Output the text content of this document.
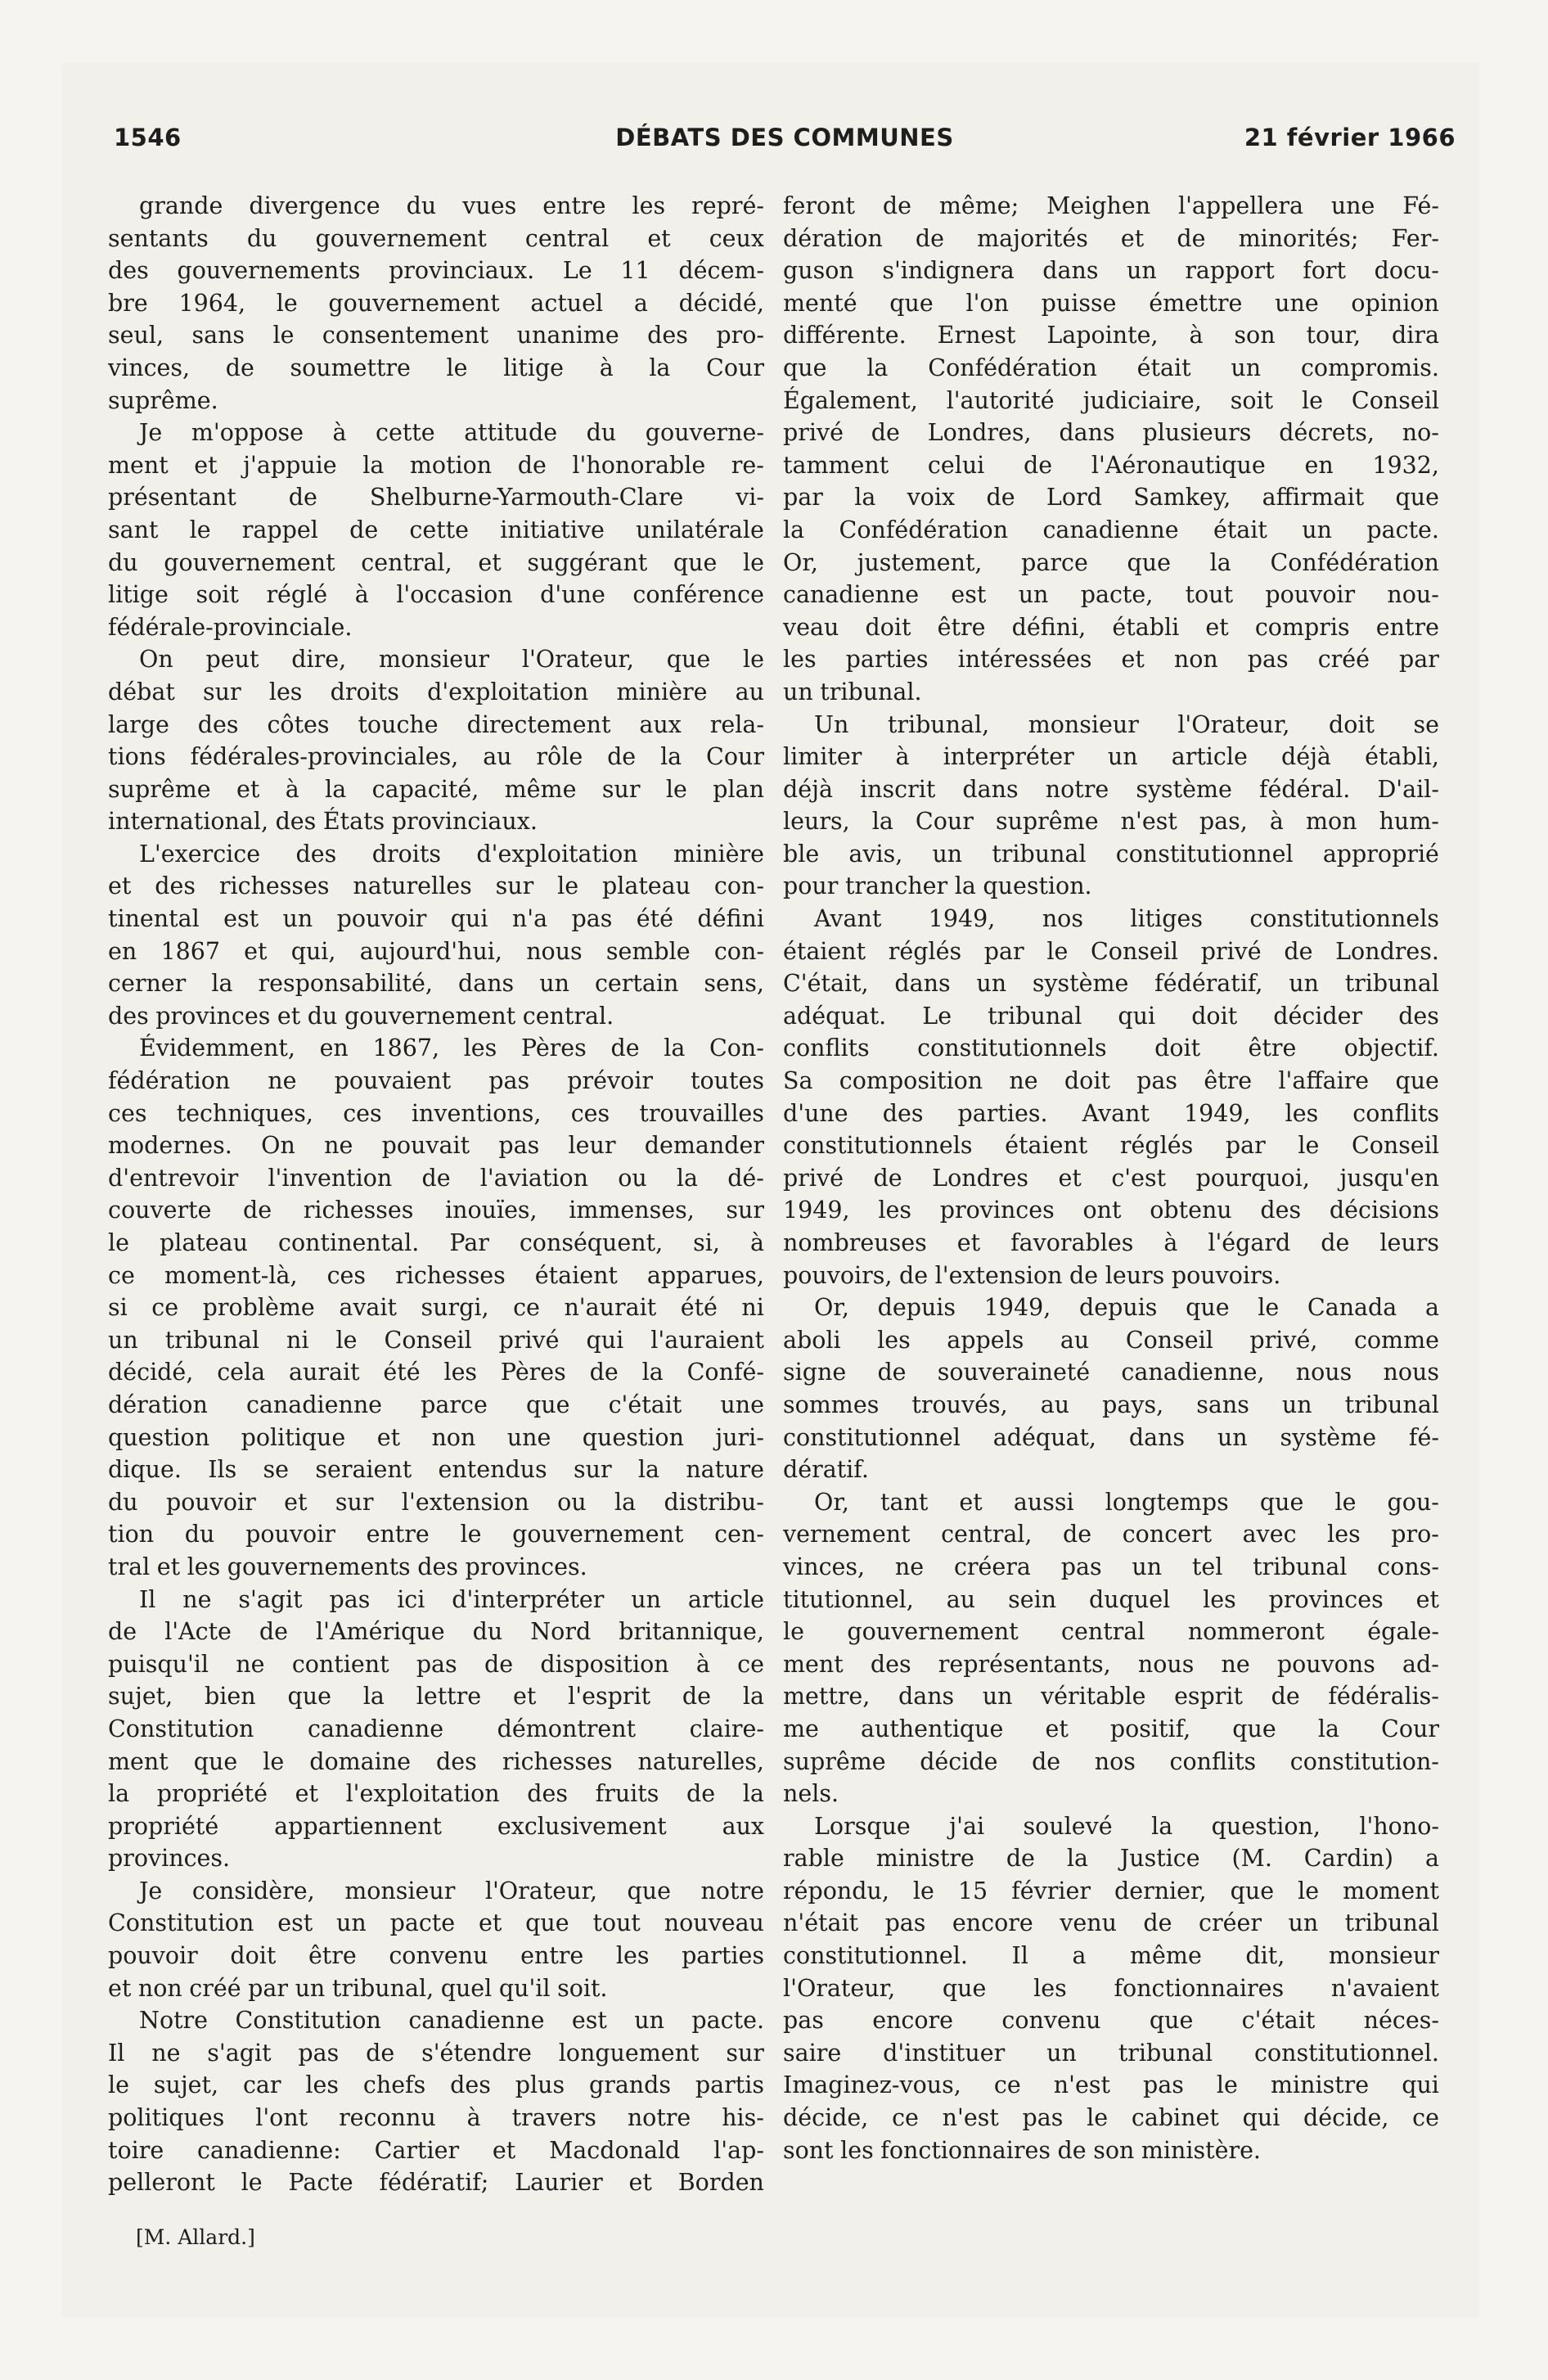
1546	DÉBATS DES COMMUNES	21 février 1966
grande divergence du vues entre les repré-
sentants du gouvernement central et ceux
des gouvernements provinciaux. Le 11 décem-
bre 1964, le gouvernement actuel a décidé,
seul, sans le consentement unanime des pro-
vinces, de soumettre le litige à la Cour
suprême.
Je m'oppose à cette attitude du gouverne-
ment et j'appuie la motion de l'honorable re-
présentant de Shelburne-Yarmouth-Clare vi-
sant le rappel de cette initiative unilatérale
du gouvernement central, et suggérant que le
litige soit réglé à l'occasion d'une conférence
fédérale-provinciale.
On peut dire, monsieur l'Orateur, que le
débat sur les droits d'exploitation minière au
large des côtes touche directement aux rela-
tions fédérales-provinciales, au rôle de la Cour
suprême et à la capacité, même sur le plan
international, des États provinciaux.
L'exercice des droits d'exploitation minière
et des richesses naturelles sur le plateau con-
tinental est un pouvoir qui n'a pas été défini
en 1867 et qui, aujourd'hui, nous semble con-
cerner la responsabilité, dans un certain sens,
des provinces et du gouvernement central.
Évidemment, en 1867, les Pères de la Con-
fédération ne pouvaient pas prévoir toutes
ces techniques, ces inventions, ces trouvailles
modernes. On ne pouvait pas leur demander
d'entrevoir l'invention de l'aviation ou la dé-
couverte de richesses inouïes, immenses, sur
le plateau continental. Par conséquent, si, à
ce moment-là, ces richesses étaient apparues,
si ce problème avait surgi, ce n'aurait été ni
un tribunal ni le Conseil privé qui l'auraient
décidé, cela aurait été les Pères de la Confé-
dération canadienne parce que c'était une
question politique et non une question juri-
dique. Ils se seraient entendus sur la nature
du pouvoir et sur l'extension ou la distribu-
tion du pouvoir entre le gouvernement cen-
tral et les gouvernements des provinces.
Il ne s'agit pas ici d'interpréter un article
de l'Acte de l'Amérique du Nord britannique,
puisqu'il ne contient pas de disposition à ce
sujet, bien que la lettre et l'esprit de la
Constitution canadienne démontrent claire-
ment que le domaine des richesses naturelles,
la propriété et l'exploitation des fruits de la
propriété appartiennent exclusivement aux
provinces.
Je considère, monsieur l'Orateur, que notre
Constitution est un pacte et que tout nouveau
pouvoir doit être convenu entre les parties
et non créé par un tribunal, quel qu'il soit.
Notre Constitution canadienne est un pacte.
Il ne s'agit pas de s'étendre longuement sur
le sujet, car les chefs des plus grands partis
politiques l'ont reconnu à travers notre his-
toire canadienne: Cartier et Macdonald l'ap-
pelleront le Pacte fédératif; Laurier et Borden
feront de même; Meighen l'appellera une Fé-
dération de majorités et de minorités; Fer-
guson s'indignera dans un rapport fort docu-
menté que l'on puisse émettre une opinion
différente. Ernest Lapointe, à son tour, dira
que la Confédération était un compromis.
Également, l'autorité judiciaire, soit le Conseil
privé de Londres, dans plusieurs décrets, no-
tamment celui de l'Aéronautique en 1932,
par la voix de Lord Samkey, affirmait que
la Confédération canadienne était un pacte.
Or, justement, parce que la Confédération
canadienne est un pacte, tout pouvoir nou-
veau doit être défini, établi et compris entre
les parties intéressées et non pas créé par
un tribunal.
Un tribunal, monsieur l'Orateur, doit se
limiter à interpréter un article déjà établi,
déjà inscrit dans notre système fédéral. D'ail-
leurs, la Cour suprême n'est pas, à mon hum-
ble avis, un tribunal constitutionnel approprié
pour trancher la question.
Avant 1949, nos litiges constitutionnels
étaient réglés par le Conseil privé de Londres.
C'était, dans un système fédératif, un tribunal
adéquat. Le tribunal qui doit décider des
conflits constitutionnels doit être objectif.
Sa composition ne doit pas être l'affaire que
d'une des parties. Avant 1949, les conflits
constitutionnels étaient réglés par le Conseil
privé de Londres et c'est pourquoi, jusqu'en
1949, les provinces ont obtenu des décisions
nombreuses et favorables à l'égard de leurs
pouvoirs, de l'extension de leurs pouvoirs.
Or, depuis 1949, depuis que le Canada a
aboli les appels au Conseil privé, comme
signe de souveraineté canadienne, nous nous
sommes trouvés, au pays, sans un tribunal
constitutionnel adéquat, dans un système fé-
dératif.
Or, tant et aussi longtemps que le gou-
vernement central, de concert avec les pro-
vinces, ne créera pas un tel tribunal cons-
titutionnel, au sein duquel les provinces et
le gouvernement central nommeront égale-
ment des représentants, nous ne pouvons ad-
mettre, dans un véritable esprit de fédéralis-
me authentique et positif, que la Cour
suprême décide de nos conflits constitution-
nels.
Lorsque j'ai soulevé la question, l'hono-
rable ministre de la Justice (M. Cardin) a
répondu, le 15 février dernier, que le moment
n'était pas encore venu de créer un tribunal
constitutionnel. Il a même dit, monsieur
l'Orateur, que les fonctionnaires n'avaient
pas encore convenu que c'était néces-
saire d'instituer un tribunal constitutionnel.
Imaginez-vous, ce n'est pas le ministre qui
décide, ce n'est pas le cabinet qui décide, ce
sont les fonctionnaires de son ministère.
[M. Allard.]
